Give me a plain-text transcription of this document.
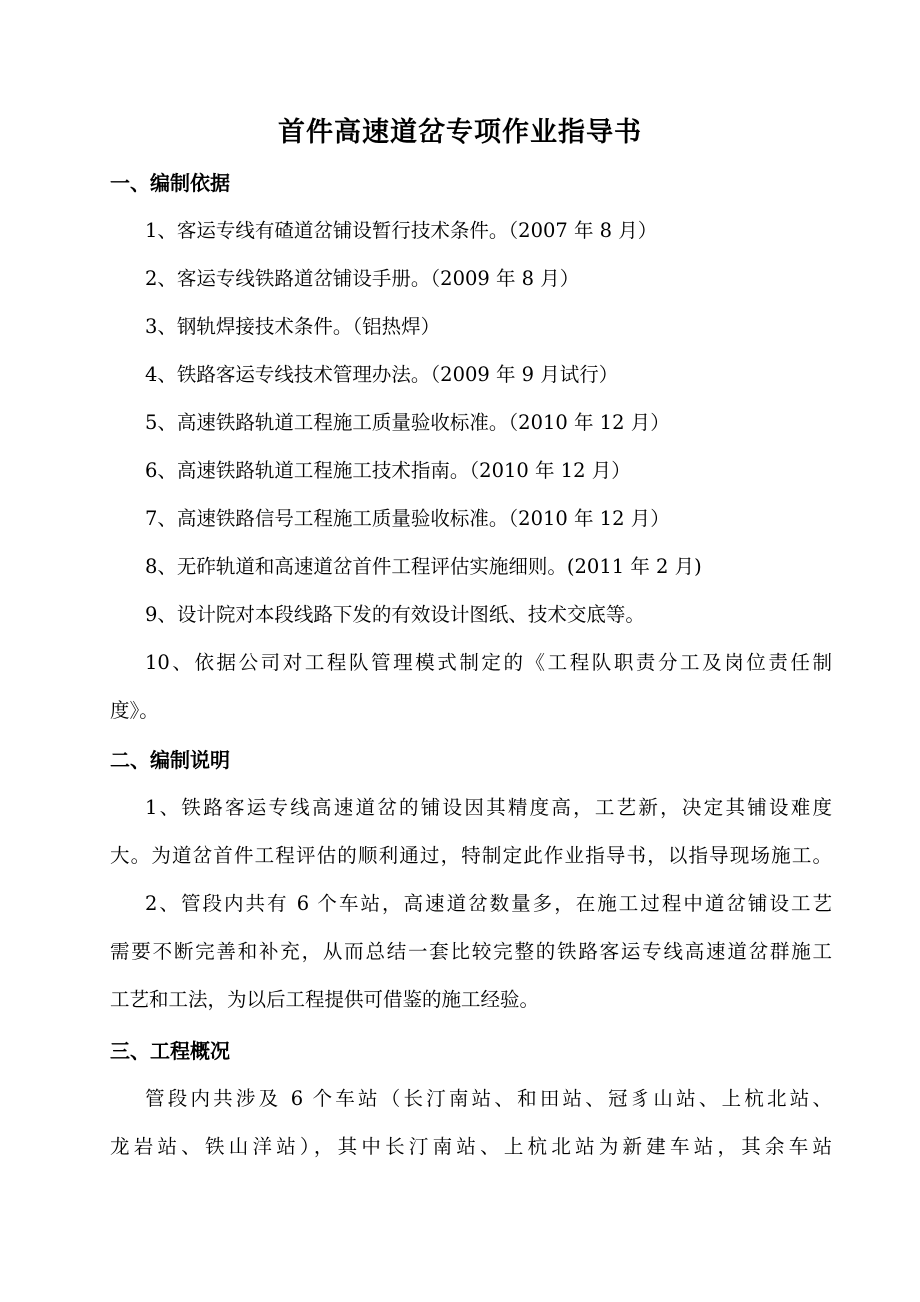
首件高速道岔专项作业指导书
一、编制依据
1、客运专线有碴道岔铺设暂行技术条件。（2007 年 8 月）
2、客运专线铁路道岔铺设手册。（2009 年 8 月）
3、钢轨焊接技术条件。（铝热焊）
4、铁路客运专线技术管理办法。（2009 年 9 月试行）
5、高速铁路轨道工程施工质量验收标准。（2010 年 12 月）
6、高速铁路轨道工程施工技术指南。（2010 年 12 月）
7、高速铁路信号工程施工质量验收标准。（2010 年 12 月）
8、无砟轨道和高速道岔首件工程评估实施细则。(2011 年 2 月)
9、设计院对本段线路下发的有效设计图纸、技术交底等。
10、依据公司对工程队管理模式制定的《工程队职责分工及岗位责任制
度》。
二、编制说明
1、铁路客运专线高速道岔的铺设因其精度高，工艺新，决定其铺设难度
大。为道岔首件工程评估的顺利通过，特制定此作业指导书，以指导现场施工。
2、管段内共有 6 个车站，高速道岔数量多，在施工过程中道岔铺设工艺
需要不断完善和补充，从而总结一套比较完整的铁路客运专线高速道岔群施工
工艺和工法，为以后工程提供可借鉴的施工经验。
三、工程概况
管段内共涉及 6 个车站（长汀南站、和田站、冠豸山站、上杭北站、
龙岩站、铁山洋站），其中长汀南站、上杭北站为新建车站，其余车站
